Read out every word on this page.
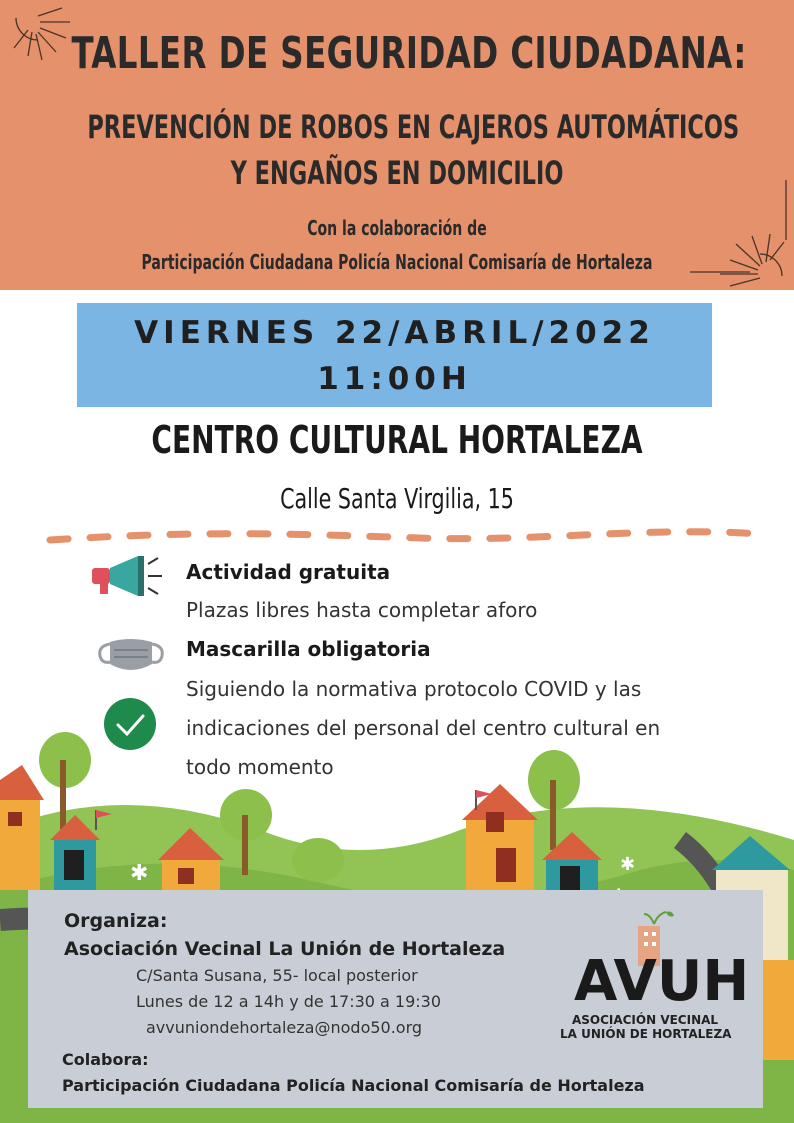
TALLER DE SEGURIDAD CIUDADANA:
PREVENCIÓN DE ROBOS EN CAJEROS AUTOMÁTICOS
Y ENGAÑOS EN DOMICILIO
Con la colaboración de
Participación Ciudadana Policía Nacional Comisaría de Hortaleza
VIERNES 22/ABRIL/2022
11:00H
CENTRO CULTURAL HORTALEZA
Calle Santa Virgilia, 15
Actividad gratuita
Plazas libres hasta completar aforo
Mascarilla obligatoria
Siguiendo la normativa protocolo COVID y las
indicaciones del personal del centro cultural en
todo momento
✱	✱
Organiza:
Asociación Vecinal La Unión de Hortaleza
C/Santa Susana, 55- local posterior
Lunes de 12 a 14h y de 17:30 a 19:30
avvuniondehortaleza@nodo50.org
Colabora:
Participación Ciudadana Policía Nacional Comisaría de Hortaleza
AVUH
ASOCIACIÓN VECINAL
LA UNIÓN DE HORTALEZA
